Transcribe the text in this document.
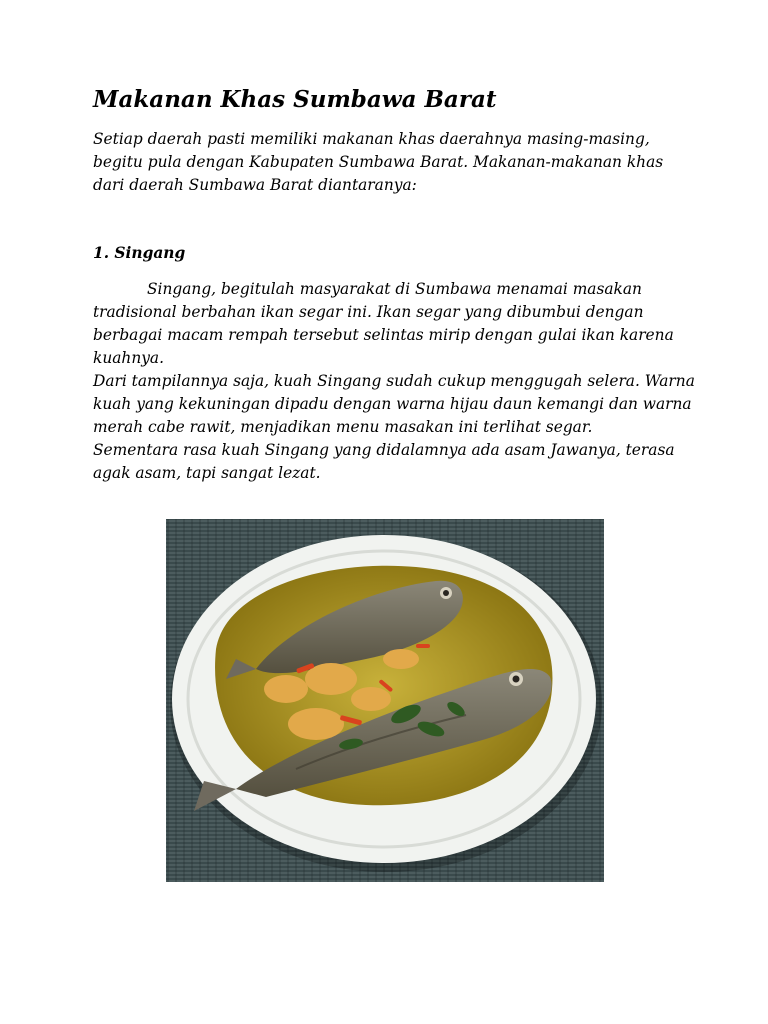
Makanan Khas Sumbawa Barat

Setiap daerah pasti memiliki makanan khas daerahnya masing-masing,
begitu pula dengan Kabupaten Sumbawa Barat. Makanan-makanan khas
dari daerah Sumbawa Barat diantaranya:

1. Singang

Singang, begitulah masyarakat di Sumbawa menamai masakan
tradisional berbahan ikan segar ini. Ikan segar yang dibumbui dengan
berbagai macam rempah tersebut selintas mirip dengan gulai ikan karena
kuahnya.
Dari tampilannya saja, kuah Singang sudah cukup menggugah selera. Warna
kuah yang kekuningan dipadu dengan warna hijau daun kemangi dan warna
merah cabe rawit, menjadikan menu masakan ini terlihat segar.
Sementara rasa kuah Singang yang didalamnya ada asam Jawanya, terasa
agak asam, tapi sangat lezat.
